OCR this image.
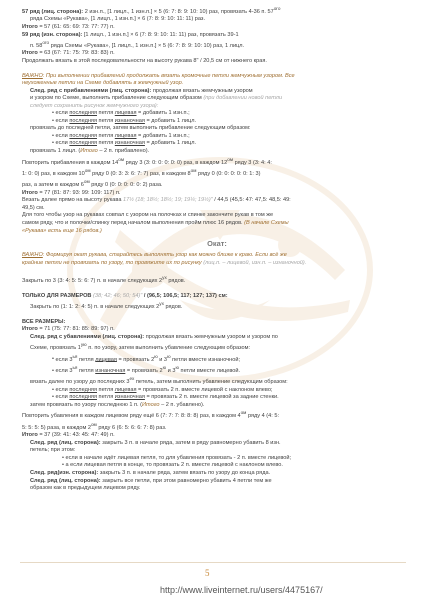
57 ряд (лиц. сторона): 2 изн.п., [1 лицл., 1 изн.п.] × 5 (6: 7: 8: 9: 10: 10) раз, провязать 4-36 п. $57^{ого}$

ряда Схемы «Рукава», [1 лицл., 1 изн.п.] × 6 (7: 8: 9: 10: 11: 11) раз.

Итого = 57 (61: 65: 69: 73: 77: 77) п.

59 ряд (изн. сторона): [1 лицл., 1 изн.п.] × 6 (7: 8: 9: 10: 11: 11) раз, провязать 39-1

п. $58^{ого}$ ряда Схемы «Рукава», [1 лицл., 1 изн.п.] × 5 (6: 7: 8: 9: 10: 10) раз, 1 лицл.

Итого = 63 (67: 71: 75: 79: 83: 83) п.

Продолжать вязать в этой последовательности на высоту рукава 8" / 20,5 см от нижнего края.

ВАЖНО: При выполнении прибавлений продолжать вязать кромочные петли жемчужным узором. Все

неухоженные петли на Схеме добавлять в жемчужный узор.

След. ряд с прибавлениями (лиц. сторона): продолжая вязать жемчужным узором

и узором по Схеме, выполнить прибавление следующим образом (при добавлении новой петли

следует сохранить рисунок жемчужного узора):

• если последняя петля лицевая = добавить 1 изн.п.;

• если последняя петля изнаночная = добавить 1 лицл.

провязать до последней петли, затем выполнить прибавление следующим образом:

• если последняя петля лицевая = добавить 1 изн.п.;

• если последняя петля изнаночная = добавить 1 лицл.

провязать 1 лицл. (Итого – 2 п. прибавлено).

Повторить прибавления в каждом $14^{ом}$ ряду 3 (3: 0: 0: 0: 0: 0) раз, в каждом $12^{ом}$ ряду 3 (3: 4: 4:

1: 0: 0) раз, в каждом $10^{ом}$ ряду 0 (0: 3: 3: 6: 7: 7) раз, в каждом $8^{ом}$ ряду 0 (0: 0: 0: 0: 0: 1: 3)

раз, а затем в каждом $6^{ом}$ ряду 0 (0: 0: 0: 0: 0: 2) раза.

Итого = 77 (81: 87: 93: 99: 109: 117) п.

Вязать далее прямо на высоту рукава 17½ (18; 18½; 18½; 19; 19¼; 19½)" / 44,5 (45,5: 47: 47,5: 48,5: 49:

49,5) см.

Для того чтобы узор на рукавах совпал с узором на полочках и спинке закончите рукав в том же

самом ряду, что и полочки/спинку перед началом выполнения пройм плюс 16 рядов. (В начале Схемы

«Рукава» есть еще 16 рядов.)

Окат:

ВАЖНО: Формируя окат рукава, старайтесь выполнять узор как можно ближе к краю. Если всё же

крайние петли не провязать по узору, то провяжите их по рисунку (лиц.п. – лицевой, изн.п. – изнаночной).

Закрыть по 3 (3: 4: 5: 5: 6: 7) п. в начале следующих $2^{ух}$ рядов.

ТОЛЬКО ДЛЯ РАЗМЕРОВ (38; 42; 46; 50; 54)" / (96,5; 106,5; 117; 127; 137) см:

Закрыть по (1: 1: 2: 4: 5) п. в начале следующих $2^{ух}$ рядов.

ВСЕ РАЗМЕРЫ:

Итого = 71 (75: 77: 81: 85: 89: 97) п.

След. ряд с убавлениями (лиц. сторона): продолжая вязать жемчужным узором и узором по

Схеме, провязать $1^{ую}$ п. по узору, затем выполнить убавление следующим образом:

• если $3^{ья}$ петля лицевая = провязать $2^ю$ и $3^ю$ петли вместе изнаночной;

• если $3^{ья}$ петля изнаночная = провязать $2^ю$ и $3^ю$ петли вместе лицевой.

вязать далее по узору до последних $3^{ех}$ петель, затем выполнить убавление следующим образом:

• если последняя петля лицевая = провязать 2 п. вместе лицевой с наклоном влево;

• если последняя петля изнаночная = провязать 2 п. вместе лицевой за задние стенки.

затем провязать по узору последнюю 1 п. (Итого – 2 п. убавлено).

Повторить убавления в каждом лицевом ряду ещё 6 (7: 7: 7: 8: 8: 8) раз, в каждом $4^{ом}$ ряду 4 (4: 5:

5: 5: 5: 5) раза, в каждом $2^{ом}$ ряду 6 (6: 5: 6: 6: 7: 8) раз.

Итого = 37 (39: 41: 43: 45: 47: 49) п.

След. ряд (лиц. сторона): закрыть 3 п. в начале ряда, затем в ряду равномерно убавить 8 изн.

петель; при этом:

• если в начале идёт лицевая петля, то для убавления провязать - 2 п. вместе лицевой;

• а если лицевая петля в конце, то провязать 2 п. вместе лицевой с наклоном влево.

След. ряд(изн. сторона): закрыть 3 п. в начале ряда, затем вязать по узору до конца ряда.

След. ряд (лиц. сторона): закрыть все петли, при этом равномерно убавить 4 петли тем же

образом как в предыдущем лицевом ряду.

5
http://www.liveinternet.ru/users/4475167/
